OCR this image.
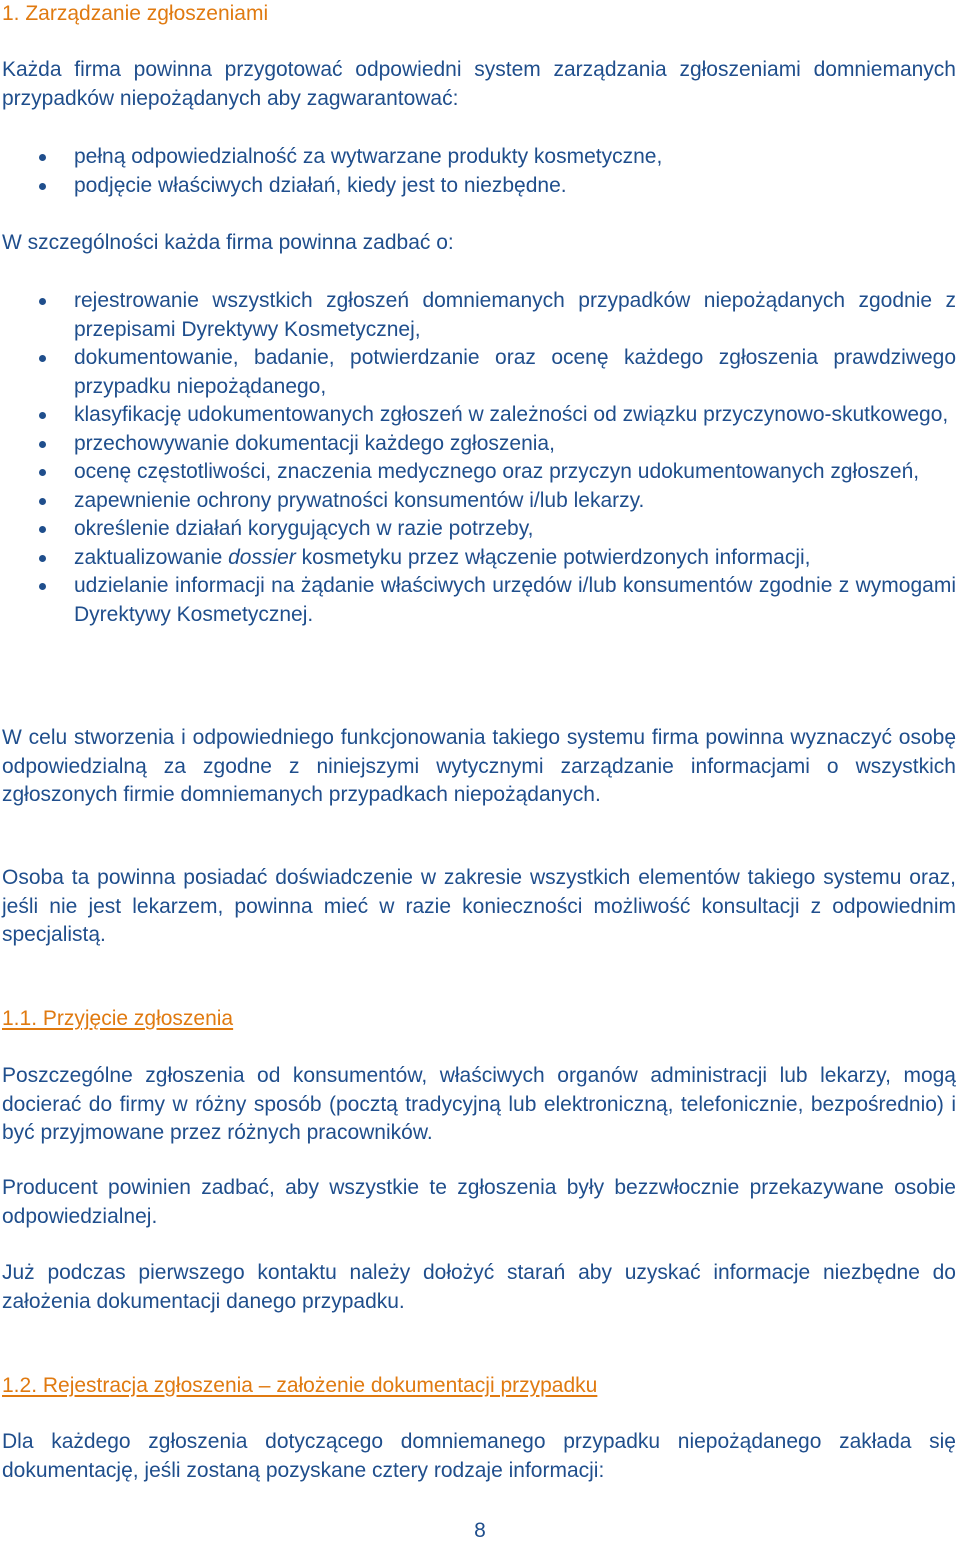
1. Zarządzanie zgłoszeniami

Każda firma powinna przygotować odpowiedni system zarządzania zgłoszeniami domniemanych przypadków niepożądanych aby zagwarantować:

pełną odpowiedzialność za wytwarzane produkty kosmetyczne,
podjęcie właściwych działań, kiedy jest to niezbędne.

W szczególności każda firma powinna zadbać o:

rejestrowanie wszystkich zgłoszeń domniemanych przypadków niepożądanych zgodnie z przepisami Dyrektywy Kosmetycznej,
dokumentowanie, badanie, potwierdzanie oraz ocenę każdego zgłoszenia prawdziwego przypadku niepożądanego,
klasyfikację udokumentowanych zgłoszeń w zależności od związku przyczynowo-skutkowego,
przechowywanie dokumentacji każdego zgłoszenia,
ocenę częstotliwości, znaczenia medycznego oraz przyczyn udokumentowanych zgłoszeń,
zapewnienie ochrony prywatności konsumentów i/lub lekarzy.
określenie działań korygujących w razie potrzeby,
zaktualizowanie dossier kosmetyku przez włączenie potwierdzonych informacji,
udzielanie informacji na żądanie właściwych urzędów i/lub konsumentów zgodnie z wymogami Dyrektywy Kosmetycznej.

W celu stworzenia i odpowiedniego funkcjonowania takiego systemu firma powinna wyznaczyć osobę odpowiedzialną za zgodne z niniejszymi wytycznymi zarządzanie informacjami o wszystkich zgłoszonych firmie domniemanych przypadkach niepożądanych.

Osoba ta powinna posiadać doświadczenie w zakresie wszystkich elementów takiego systemu oraz, jeśli nie jest lekarzem, powinna mieć w razie konieczności możliwość konsultacji z odpowiednim specjalistą.

1.1. Przyjęcie zgłoszenia

Poszczególne zgłoszenia od konsumentów, właściwych organów administracji lub lekarzy, mogą docierać do firmy w różny sposób (pocztą tradycyjną lub elektroniczną, telefonicznie, bezpośrednio) i być przyjmowane przez różnych pracowników.

Producent powinien zadbać, aby wszystkie te zgłoszenia były bezzwłocznie przekazywane osobie odpowiedzialnej.

Już podczas pierwszego kontaktu należy dołożyć starań aby uzyskać informacje niezbędne do założenia dokumentacji danego przypadku.

1.2. Rejestracja zgłoszenia – założenie dokumentacji przypadku

Dla każdego zgłoszenia dotyczącego domniemanego przypadku niepożądanego zakłada się dokumentację, jeśli zostaną pozyskane cztery rodzaje informacji:

8
